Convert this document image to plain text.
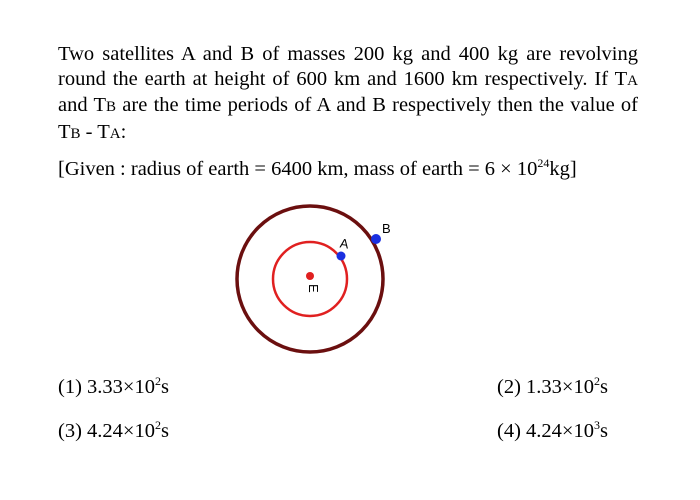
Two satellites A and B of masses 200 kg and 400 kg are revolving round the earth at height of 600 km and 1600 km respectively. If TA and TB are the time periods of A and B respectively then the value of TB - TA:

[Given : radius of earth = 6400 km, mass of earth = $6 \times 10^{24}kg$]
A
B
E
(1) $3.33\times 10^2s$	(2) $1.33\times 10^2s$
(3) $4.24\times 10^2s$	(4) $4.24\times 10^3s$
